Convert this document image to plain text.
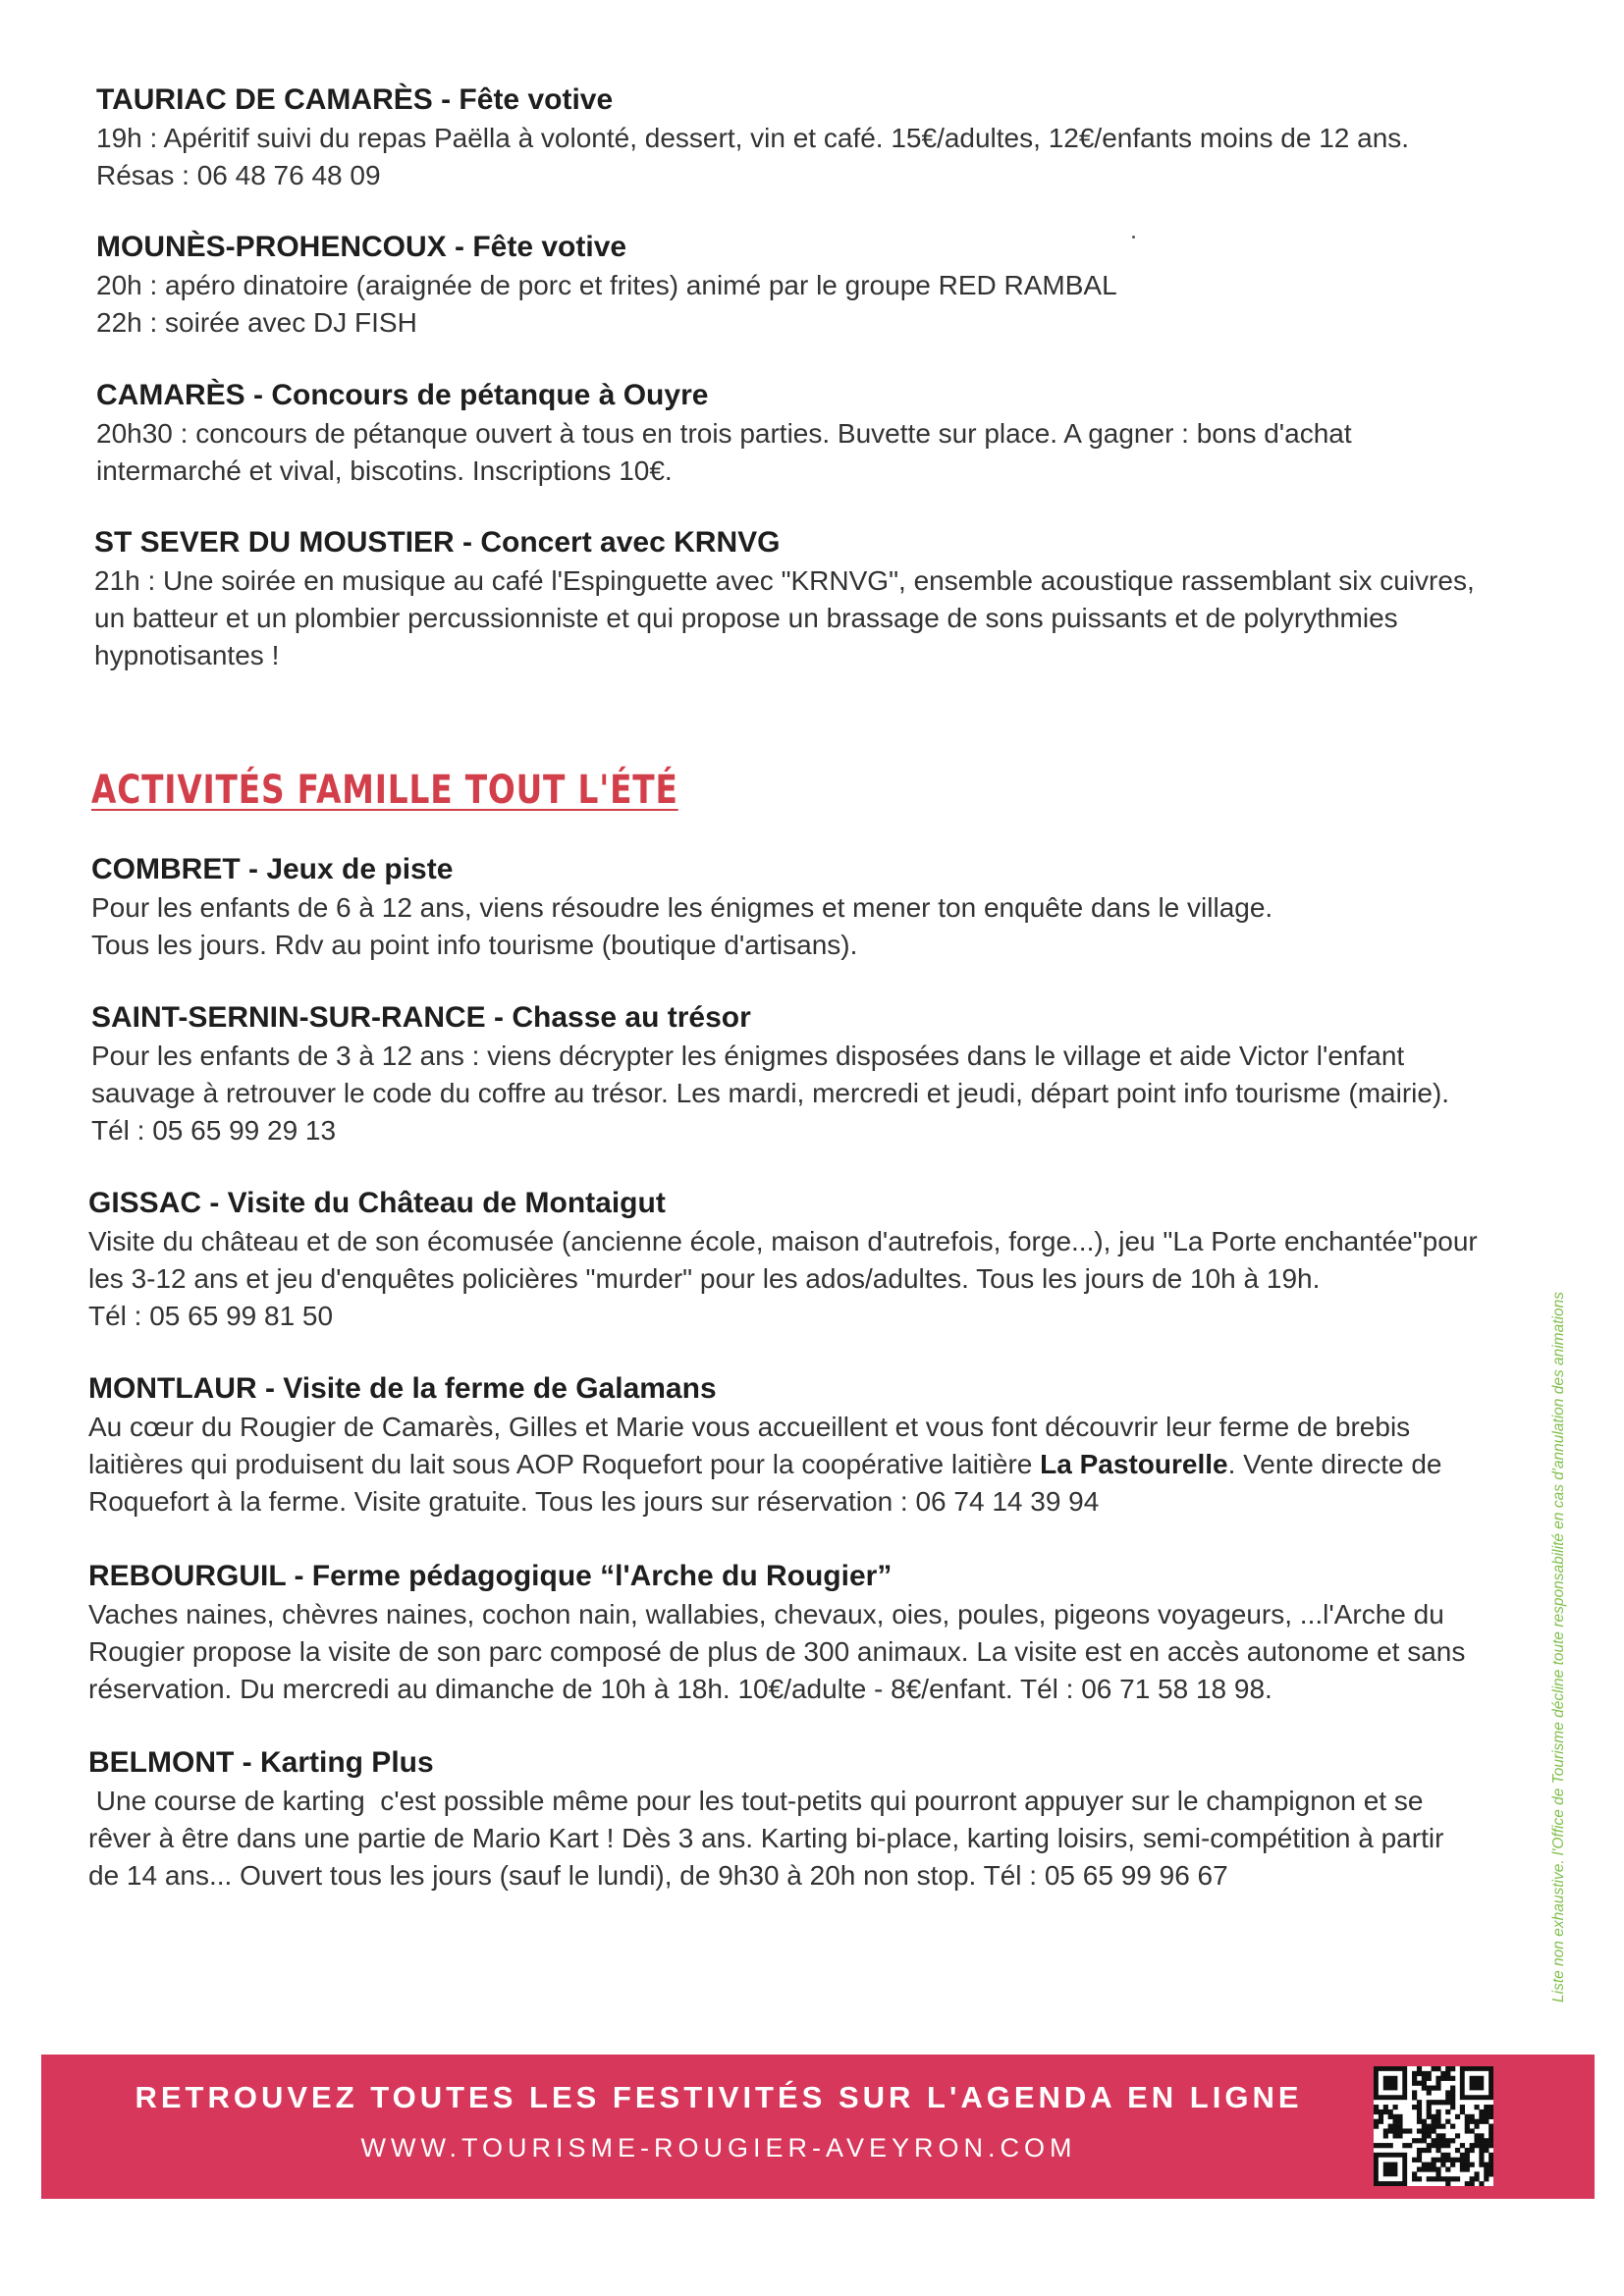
TAURIAC DE CAMARÈS - Fête votive

19h : Apéritif suivi du repas Paëlla à volonté, dessert, vin et café. 15€/adultes, 12€/enfants moins de 12 ans.

Résas : 06 48 76 48 09

MOUNÈS-PROHENCOUX - Fête votive

20h : apéro dinatoire (araignée de porc et frites) animé par le groupe RED RAMBAL

22h : soirée avec DJ FISH

CAMARÈS - Concours de pétanque à Ouyre

20h30 : concours de pétanque ouvert à tous en trois parties. Buvette sur place. A gagner : bons d'achat

intermarché et vival, biscotins. Inscriptions 10€.

ST SEVER DU MOUSTIER - Concert avec KRNVG

21h : Une soirée en musique au café l'Espinguette avec "KRNVG", ensemble acoustique rassemblant six cuivres,

un batteur et un plombier percussionniste et qui propose un brassage de sons puissants et de polyrythmies

hypnotisantes !

ACTIVITÉS FAMILLE TOUT L'ÉTÉ

COMBRET - Jeux de piste

Pour les enfants de 6 à 12 ans, viens résoudre les énigmes et mener ton enquête dans le village.

Tous les jours. Rdv au point info tourisme (boutique d'artisans).

SAINT-SERNIN-SUR-RANCE - Chasse au trésor

Pour les enfants de 3 à 12 ans : viens décrypter les énigmes disposées dans le village et aide Victor l'enfant

sauvage à retrouver le code du coffre au trésor. Les mardi, mercredi et jeudi, départ point info tourisme (mairie).

Tél : 05 65 99 29 13

GISSAC - Visite du Château de Montaigut

Visite du château et de son écomusée (ancienne école, maison d'autrefois, forge...), jeu "La Porte enchantée"pour

les 3-12 ans et jeu d'enquêtes policières "murder" pour les ados/adultes. Tous les jours de 10h à 19h.

Tél : 05 65 99 81 50

MONTLAUR - Visite de la ferme de Galamans

Au cœur du Rougier de Camarès, Gilles et Marie vous accueillent et vous font découvrir leur ferme de brebis

laitières qui produisent du lait sous AOP Roquefort pour la coopérative laitière La Pastourelle. Vente directe de

Roquefort à la ferme. Visite gratuite. Tous les jours sur réservation : 06 74 14 39 94

REBOURGUIL - Ferme pédagogique “l'Arche du Rougier”

Vaches naines, chèvres naines, cochon nain, wallabies, chevaux, oies, poules, pigeons voyageurs, ...l'Arche du

Rougier propose la visite de son parc composé de plus de 300 animaux. La visite est en accès autonome et sans

réservation. Du mercredi au dimanche de 10h à 18h. 10€/adulte - 8€/enfant. Tél : 06 71 58 18 98.

BELMONT - Karting Plus

Une course de karting  c'est possible même pour les tout-petits qui pourront appuyer sur le champignon et se

rêver à être dans une partie de Mario Kart ! Dès 3 ans. Karting bi-place, karting loisirs, semi-compétition à partir

de 14 ans... Ouvert tous les jours (sauf le lundi), de 9h30 à 20h non stop. Tél : 05 65 99 96 67	Liste non exhaustive. l'Office de Tourisme décline toute responsabilité en cas d'annulation des animations

RETROUVEZ TOUTES LES FESTIVITÉS SUR L'AGENDA EN LIGNE

WWW.TOURISME-ROUGIER-AVEYRON.COM
